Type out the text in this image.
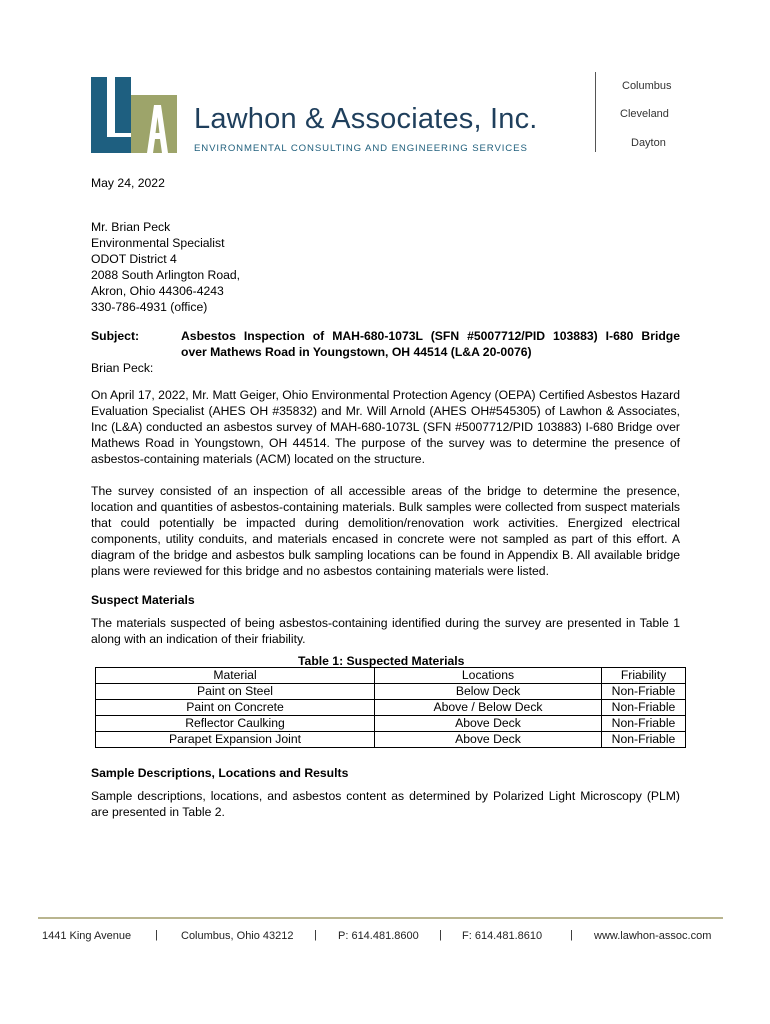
Lawhon & Associates, Inc.
ENVIRONMENTAL CONSULTING AND ENGINEERING SERVICES
Columbus
Cleveland
Dayton
May 24, 2022
Mr. Brian Peck
Environmental Specialist
ODOT District 4
2088 South Arlington Road,
Akron, Ohio 44306-4243
330-786-4931 (office)
Subject:	Asbestos Inspection of MAH-680-1073L (SFN #5007712/PID 103883) I-680 Bridge
over Mathews Road in Youngstown, OH 44514 (L&A 20-0076)
Brian Peck:
On April 17, 2022, Mr. Matt Geiger, Ohio Environmental Protection Agency (OEPA) Certified Asbestos Hazard Evaluation Specialist (AHES OH #35832) and Mr. Will Arnold (AHES OH#545305) of Lawhon & Associates, Inc (L&A) conducted an asbestos survey of MAH-680-1073L (SFN #5007712/PID 103883) I-680 Bridge over Mathews Road in Youngstown, OH 44514. The purpose of the survey was to determine the presence of asbestos-containing materials (ACM) located on the structure.
The survey consisted of an inspection of all accessible areas of the bridge to determine the presence, location and quantities of asbestos-containing materials. Bulk samples were collected from suspect materials that could potentially be impacted during demolition/renovation work activities. Energized electrical components, utility conduits, and materials encased in concrete were not sampled as part of this effort. A diagram of the bridge and asbestos bulk sampling locations can be found in Appendix B. All available bridge plans were reviewed for this bridge and no asbestos containing materials were listed.
Suspect Materials
The materials suspected of being asbestos-containing identified during the survey are presented in Table 1 along with an indication of their friability.
Table 1: Suspected Materials
Material	Locations	Friability
Paint on Steel	Below Deck	Non-Friable
Paint on Concrete	Above / Below Deck	Non-Friable
Reflector Caulking	Above Deck	Non-Friable
Parapet Expansion Joint	Above Deck	Non-Friable
Sample Descriptions, Locations and Results
Sample descriptions, locations, and asbestos content as determined by Polarized Light Microscopy (PLM) are presented in Table 2.
1441 King Avenue | Columbus, Ohio 43212 | P: 614.481.8600 | F: 614.481.8610	| www.lawhon-assoc.com
